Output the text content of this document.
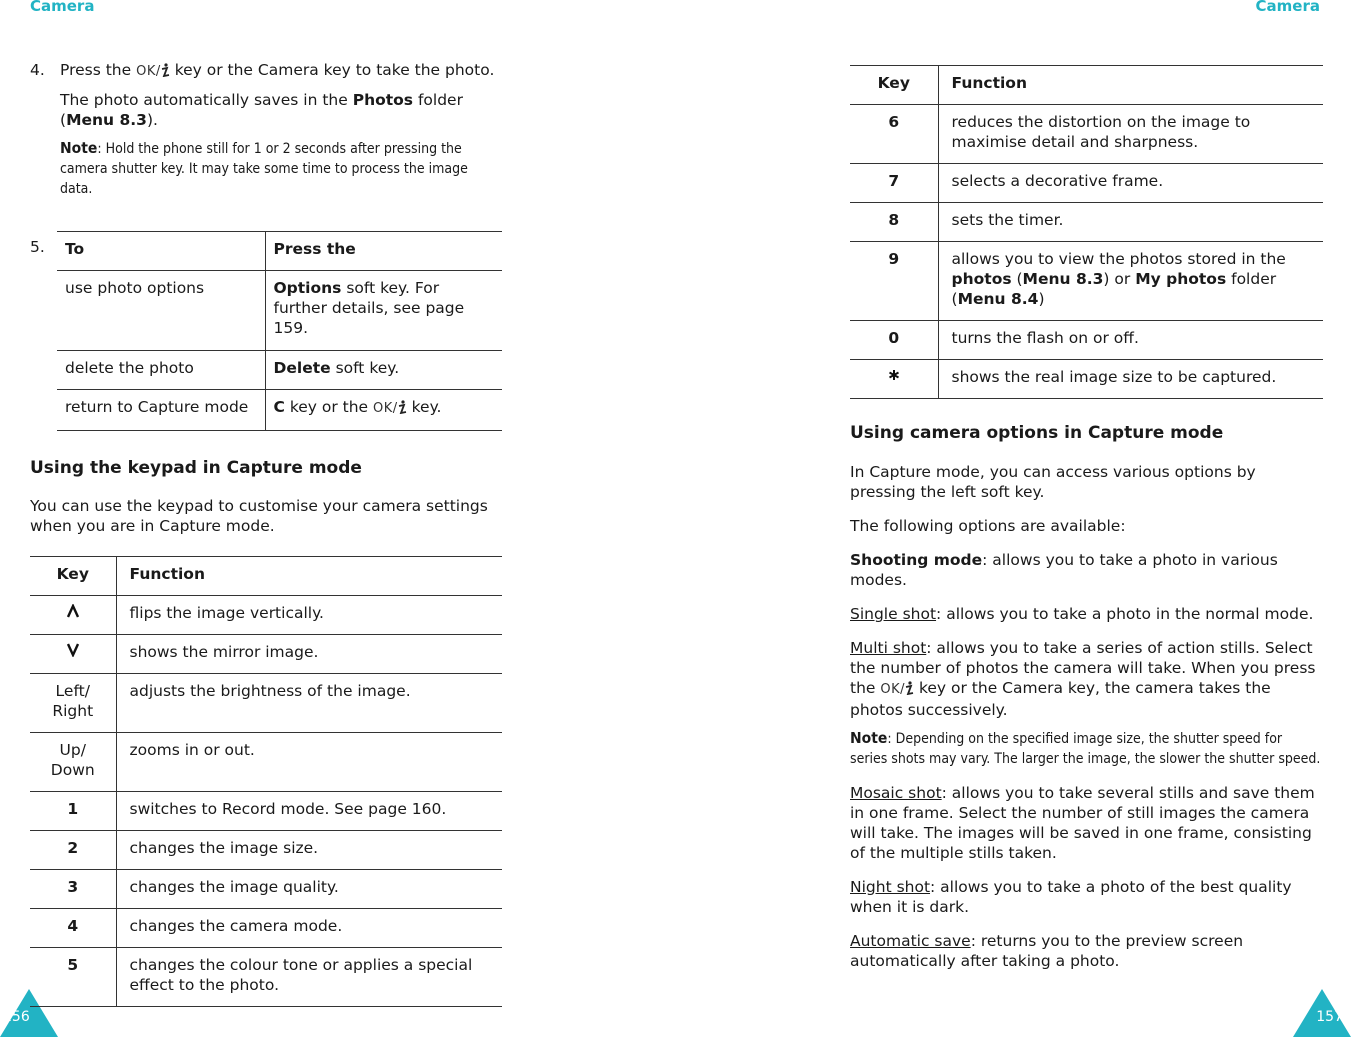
Camera	Camera
156	157
4. Press the OK/ key or the Camera key to take the photo.
The photo automatically saves in the Photos folder (Menu 8.3).
Note: Hold the phone still for 1 or 2 seconds after pressing the camera shutter key. It may take some time to process the image data.
5. To	Press the
use photo options	Options soft key. For further details, see page 159.
delete the photo	Delete soft key.
return to Capture mode	C key or the OK/ key.
Using the keypad in Capture mode
You can use the keypad to customise your camera settings when you are in Capture mode.
Key	Function
	flips the image vertically.
	shows the mirror image.
Left/ Right	adjusts the brightness of the image.
Up/ Down	zooms in or out.
1	switches to Record mode. See page 160.
2	changes the image size.
3	changes the image quality.
4	changes the camera mode.
5	changes the colour tone or applies a special effect to the photo.
Key	Function
6	reduces the distortion on the image to maximise detail and sharpness.
7	selects a decorative frame.
8	sets the timer.
9	allows you to view the photos stored in the photos (Menu 8.3) or My photos folder (Menu 8.4)
0	turns the flash on or off.
	shows the real image size to be captured.
Using camera options in Capture mode
In Capture mode, you can access various options by pressing the left soft key.
The following options are available:
Shooting mode: allows you to take a photo in various modes.
Single shot: allows you to take a photo in the normal mode.
Multi shot: allows you to take a series of action stills. Select the number of photos the camera will take. When you press the OK/ key or the Camera key, the camera takes the photos successively.
Note: Depending on the specified image size, the shutter speed for series shots may vary. The larger the image, the slower the shutter speed.
Mosaic shot: allows you to take several stills and save them in one frame. Select the number of still images the camera will take. The images will be saved in one frame, consisting of the multiple stills taken.
Night shot: allows you to take a photo of the best quality when it is dark.
Automatic save: returns you to the preview screen automatically after taking a photo.
